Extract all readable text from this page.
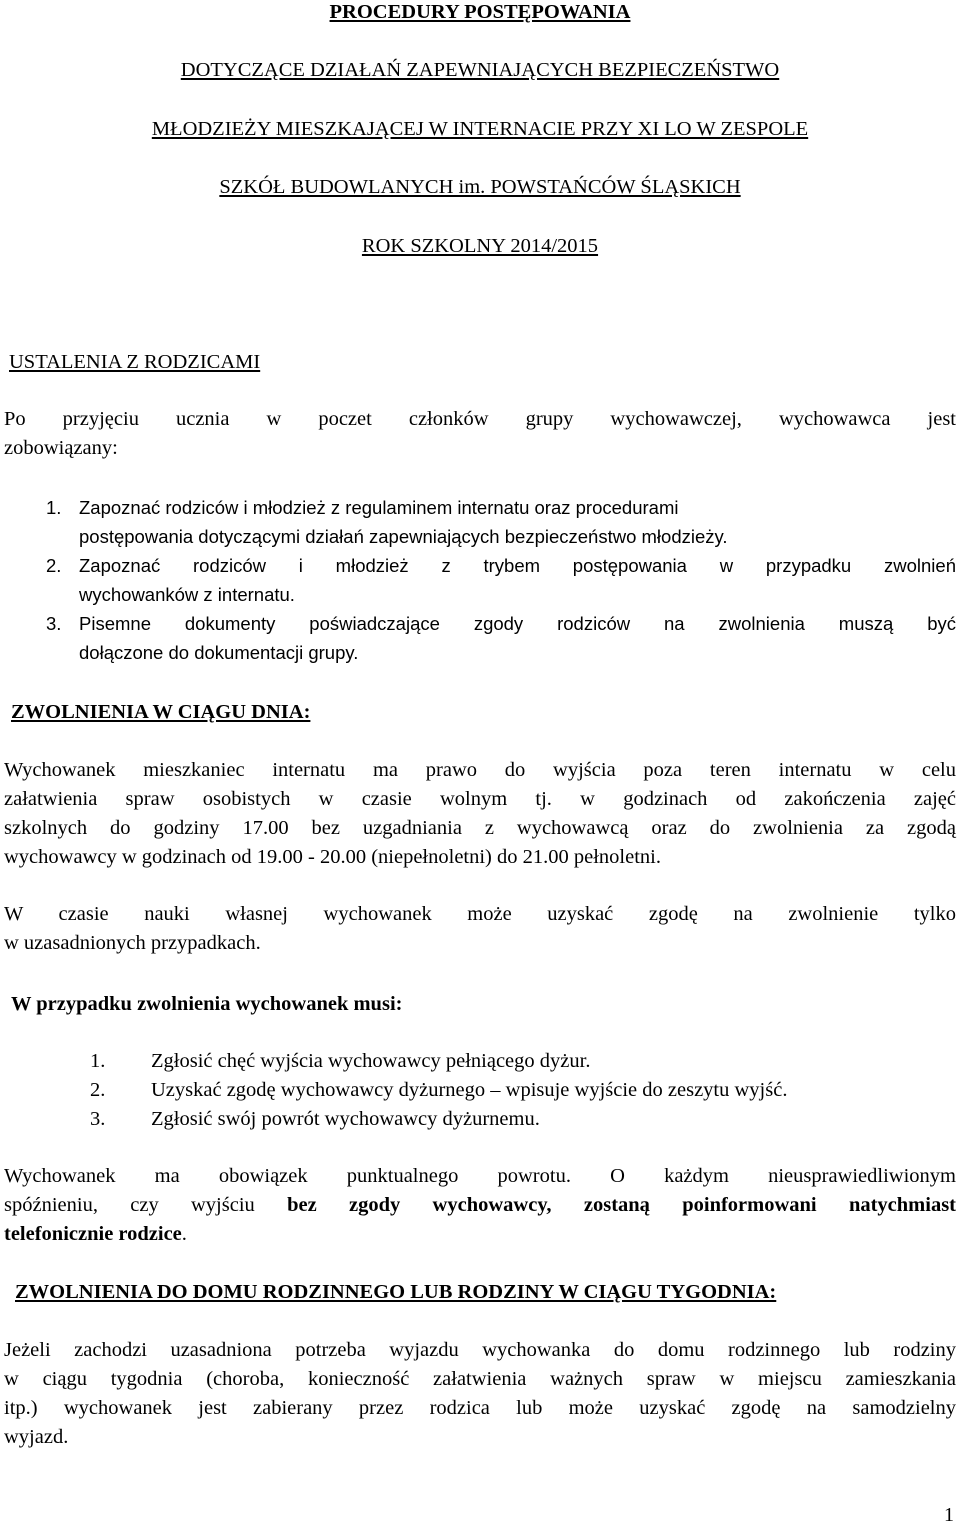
PROCEDURY POSTĘPOWANIA
DOTYCZĄCE DZIAŁAŃ ZAPEWNIAJĄCYCH BEZPIECZEŃSTWO
MŁODZIEŻY MIESZKAJĄCEJ W INTERNACIE PRZY XI LO W ZESPOLE
SZKÓŁ BUDOWLANYCH im. POWSTAŃCÓW ŚLĄSKICH
ROK SZKOLNY 2014/2015
USTALENIA Z RODZICAMI
Po przyjęciu ucznia w poczet członków grupy wychowawczej, wychowawca jest
zobowiązany:
1. Zapoznać rodziców i młodzież z regulaminem internatu oraz procedurami
postępowania dotyczącymi działań zapewniających bezpieczeństwo młodzieży.
2. Zapoznać rodziców i młodzież z trybem postępowania w przypadku zwolnień
wychowanków z internatu.
3. Pisemne dokumenty poświadczające zgody rodziców na zwolnienia muszą być
dołączone do dokumentacji grupy.
ZWOLNIENIA W CIĄGU DNIA:
Wychowanek mieszkaniec internatu ma prawo do wyjścia poza teren internatu w celu
załatwienia spraw osobistych w czasie wolnym tj. w godzinach od zakończenia zajęć
szkolnych do godziny 17.00 bez uzgadniania z wychowawcą oraz do zwolnienia za zgodą
wychowawcy w godzinach od 19.00 - 20.00 (niepełnoletni) do 21.00 pełnoletni.
W czasie nauki własnej wychowanek może uzyskać zgodę na zwolnienie tylko
w uzasadnionych przypadkach.
W przypadku zwolnienia wychowanek musi:
1. Zgłosić chęć wyjścia wychowawcy pełniącego dyżur.
2. Uzyskać zgodę wychowawcy dyżurnego – wpisuje wyjście do zeszytu wyjść.
3. Zgłosić swój powrót wychowawcy dyżurnemu.
Wychowanek ma obowiązek punktualnego powrotu. O każdym nieusprawiedliwionym
spóźnieniu, czy wyjściu bez zgody wychowawcy, zostaną poinformowani natychmiast
telefonicznie rodzice.
ZWOLNIENIA DO DOMU RODZINNEGO LUB RODZINY W CIĄGU TYGODNIA:
Jeżeli zachodzi uzasadniona potrzeba wyjazdu wychowanka do domu rodzinnego lub rodziny
w ciągu tygodnia (choroba, konieczność załatwienia ważnych spraw w miejscu zamieszkania
itp.) wychowanek jest zabierany przez rodzica lub może uzyskać zgodę na samodzielny
wyjazd.
1
